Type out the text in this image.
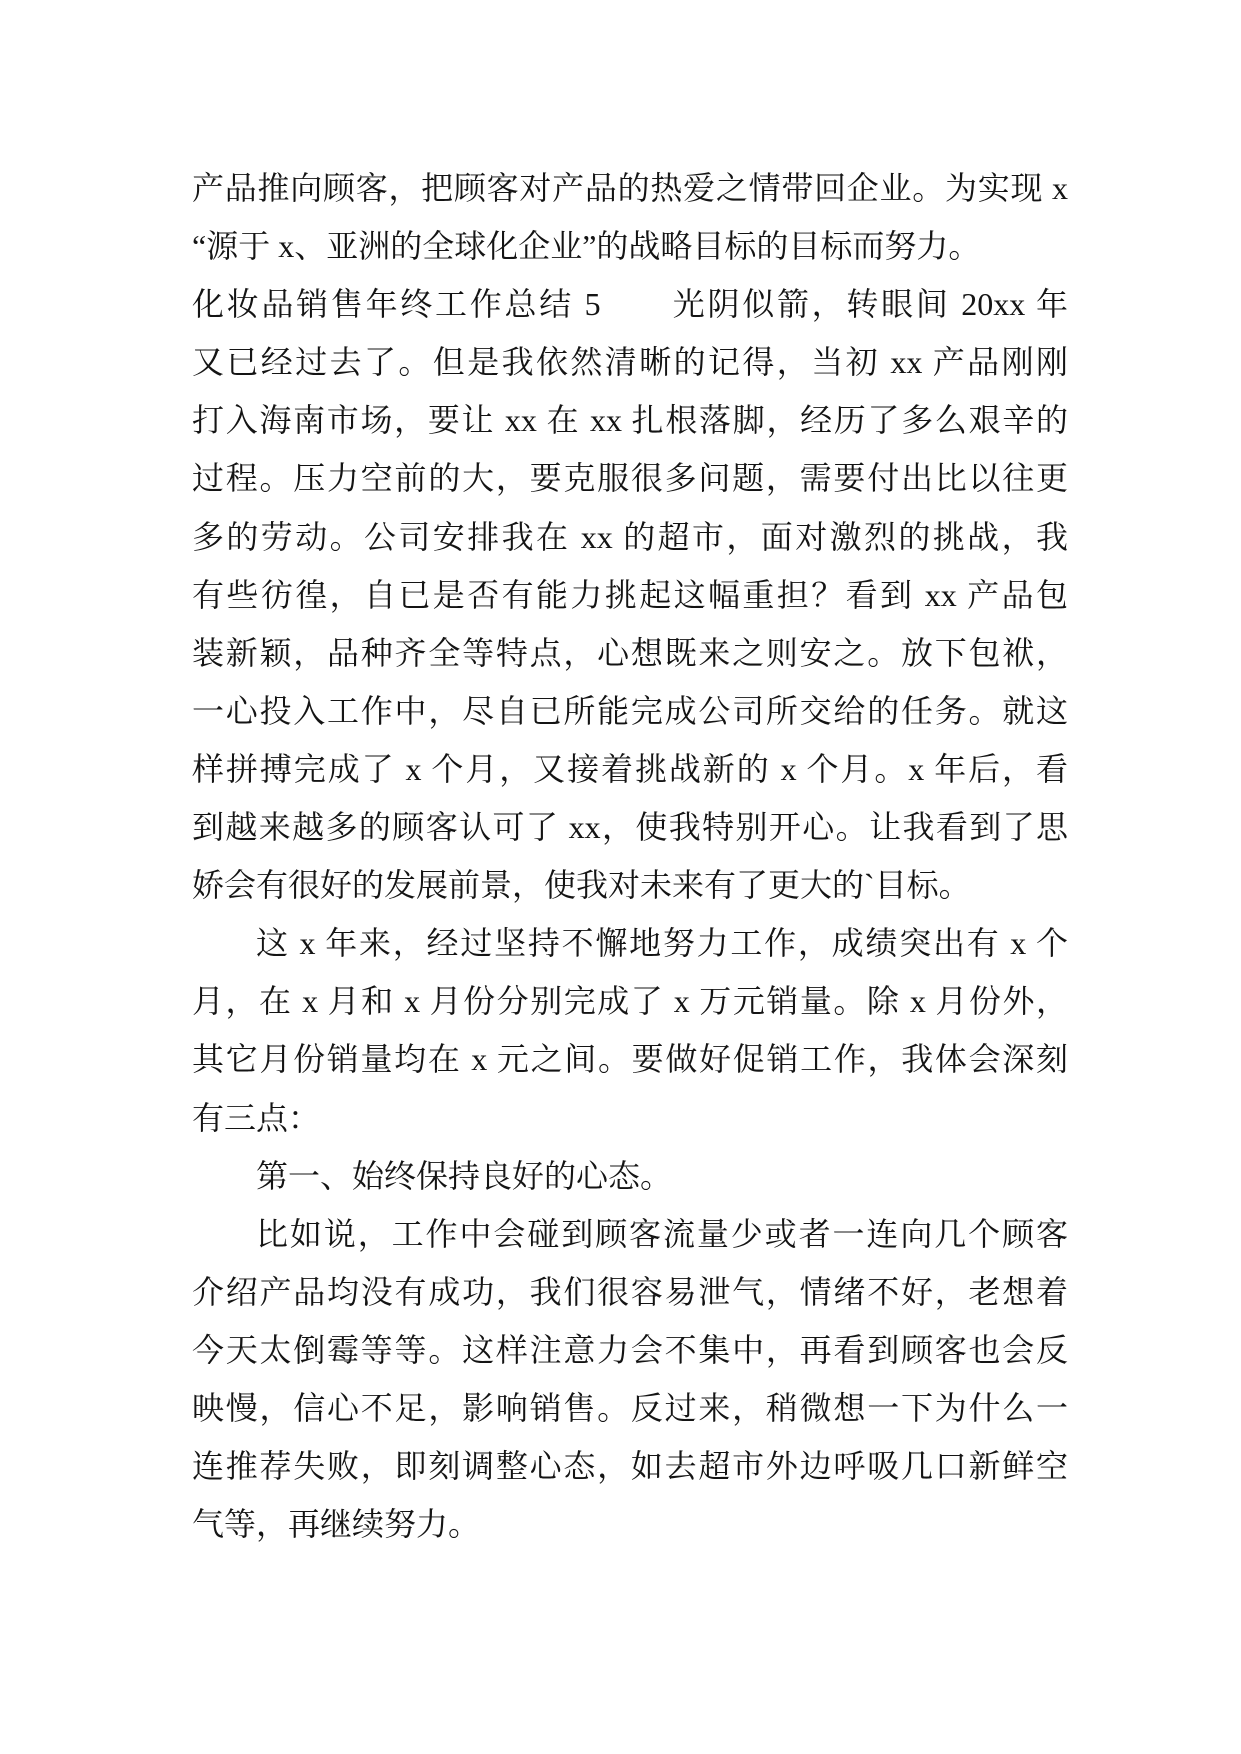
产品推向顾客，把顾客对产品的热爱之情带回企业。为实现 x
“源于 x、亚洲的全球化企业”的战略目标的目标而努力。
化妆品销售年终工作总结 5　　光阴似箭，转眼间 20xx 年
又已经过去了。但是我依然清晰的记得，当初 xx 产品刚刚
打入海南市场，要让 xx 在 xx 扎根落脚，经历了多么艰辛的
过程。压力空前的大，要克服很多问题，需要付出比以往更
多的劳动。公司安排我在 xx 的超市，面对激烈的挑战，我
有些彷徨，自已是否有能力挑起这幅重担？看到 xx 产品包
装新颖，品种齐全等特点，心想既来之则安之。放下包袱，
一心投入工作中，尽自已所能完成公司所交给的任务。就这
样拼搏完成了 x 个月，又接着挑战新的 x 个月。x 年后，看
到越来越多的顾客认可了 xx，使我特别开心。让我看到了思
娇会有很好的发展前景，使我对未来有了更大的`目标。
这 x 年来，经过坚持不懈地努力工作，成绩突出有 x 个
月，在 x 月和 x 月份分别完成了 x 万元销量。除 x 月份外，
其它月份销量均在 x 元之间。要做好促销工作，我体会深刻
有三点：
第一、始终保持良好的心态。
比如说，工作中会碰到顾客流量少或者一连向几个顾客
介绍产品均没有成功，我们很容易泄气，情绪不好，老想着
今天太倒霉等等。这样注意力会不集中，再看到顾客也会反
映慢，信心不足，影响销售。反过来，稍微想一下为什么一
连推荐失败，即刻调整心态，如去超市外边呼吸几口新鲜空
气等，再继续努力。
